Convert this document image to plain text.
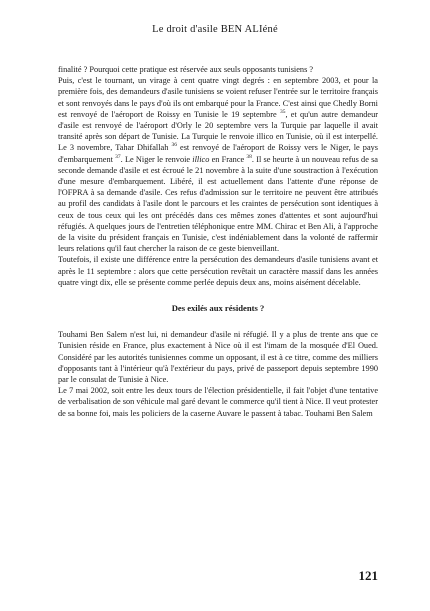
Le droit d'asile BEN ALIéné

finalité ? Pourquoi cette pratique est réservée aux seuls opposants tunisiens ?

Puis, c'est le tournant, un virage à cent quatre vingt degrés : en septembre 2003, et pour la première fois, des demandeurs d'asile tunisiens se voient refuser l'entrée sur le territoire français et sont renvoyés dans le pays d'où ils ont embarqué pour la France. C'est ainsi que Chedly Borni est renvoyé de l'aéroport de Roissy en Tunisie le 19 septembre $^{35}$, et qu'un autre demandeur d'asile est renvoyé de l'aéroport d'Orly le 20 septembre vers la Turquie par laquelle il avait transité après son départ de Tunisie. La Turquie le renvoie illico en Tunisie, où il est interpellé. Le 3 novembre, Tahar Dhifallah $^{36}$ est renvoyé de l'aéroport de Roissy vers le Niger, le pays d'embarquement $^{37}$. Le Niger le renvoie illico en France $^{38}$. Il se heurte à un nouveau refus de sa seconde demande d'asile et est écroué le 21 novembre à la suite d'une soustraction à l'exécution d'une mesure d'embarquement. Libéré, il est actuellement dans l'attente d'une réponse de l'OFPRA à sa demande d'asile. Ces refus d'admission sur le territoire ne peuvent être attribués au profil des candidats à l'asile dont le parcours et les craintes de persécution sont identiques à ceux de tous ceux qui les ont précédés dans ces mêmes zones d'attentes et sont aujourd'hui réfugiés. A quelques jours de l'entretien téléphonique entre MM. Chirac et Ben Ali, à l'approche de la visite du président français en Tunisie, c'est indéniablement dans la volonté de raffermir leurs relations qu'il faut chercher la raison de ce geste bienveillant.

Toutefois, il existe une différence entre la persécution des demandeurs d'asile tunisiens avant et après le 11 septembre : alors que cette persécution revêtait un caractère massif dans les années quatre vingt dix, elle se présente comme perlée depuis deux ans, moins aisément décelable.

Des exilés aux résidents ?

Touhami Ben Salem n'est lui, ni demandeur d'asile ni réfugié. Il y a plus de trente ans que ce Tunisien réside en France, plus exactement à Nice où il est l'imam de la mosquée d'El Oued. Considéré par les autorités tunisiennes comme un opposant, il est à ce titre, comme des milliers d'opposants tant à l'intérieur qu'à l'extérieur du pays, privé de passeport depuis septembre 1990 par le consulat de Tunisie à Nice.

Le 7 mai 2002, soit entre les deux tours de l'élection présidentielle, il fait l'objet d'une tentative de verbalisation de son véhicule mal garé devant le commerce qu'il tient à Nice. Il veut protester de sa bonne foi, mais les policiers de la caserne Auvare le passent à tabac. Touhami Ben Salem

121
